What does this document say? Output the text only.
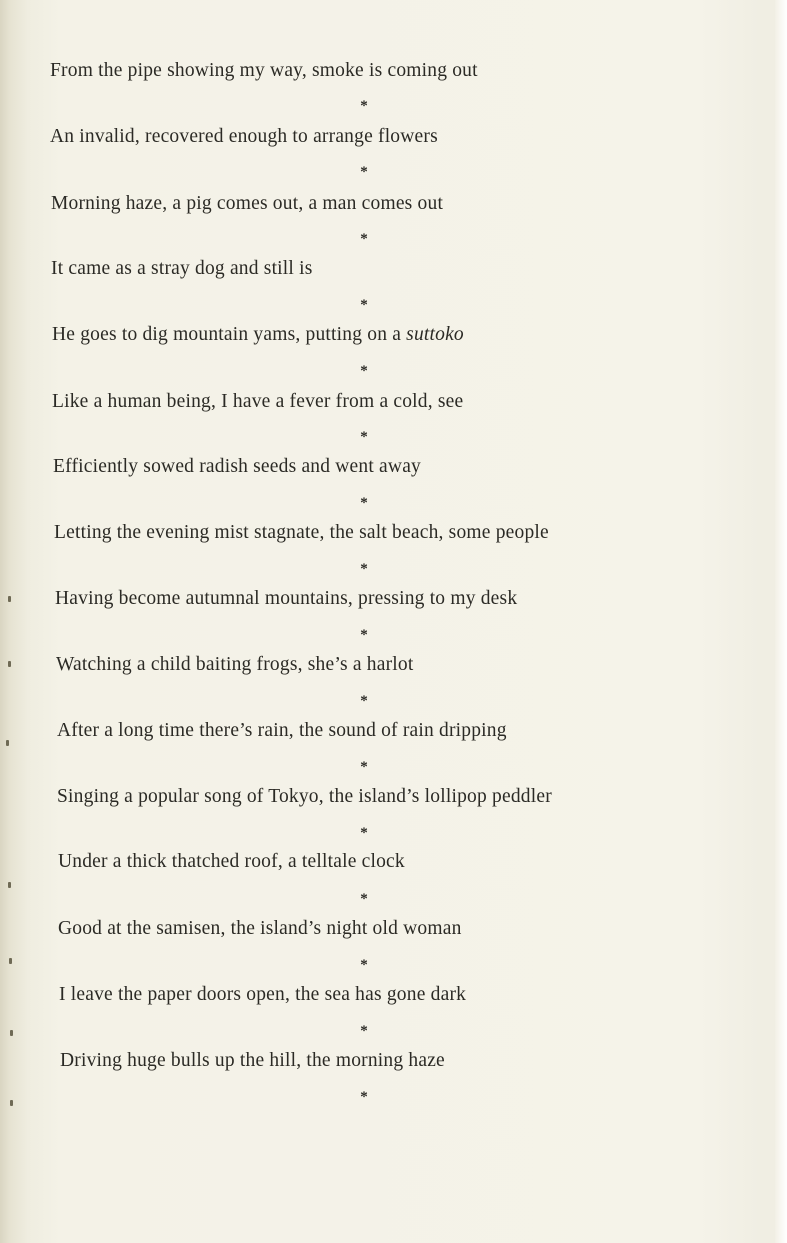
From the pipe showing my way, smoke is coming out
*
An invalid, recovered enough to arrange flowers
*
Morning haze, a pig comes out, a man comes out
*
It came as a stray dog and still is
*
He goes to dig mountain yams, putting on a suttoko
*
Like a human being, I have a fever from a cold, see
*
Efficiently sowed radish seeds and went away
*
Letting the evening mist stagnate, the salt beach, some people
*
Having become autumnal mountains, pressing to my desk
*
Watching a child baiting frogs, she’s a harlot
*
After a long time there’s rain, the sound of rain dripping
*
Singing a popular song of Tokyo, the island’s lollipop peddler
*
Under a thick thatched roof, a telltale clock
*
Good at the samisen, the island’s night old woman
*
I leave the paper doors open, the sea has gone dark
*
Driving huge bulls up the hill, the morning haze
*
